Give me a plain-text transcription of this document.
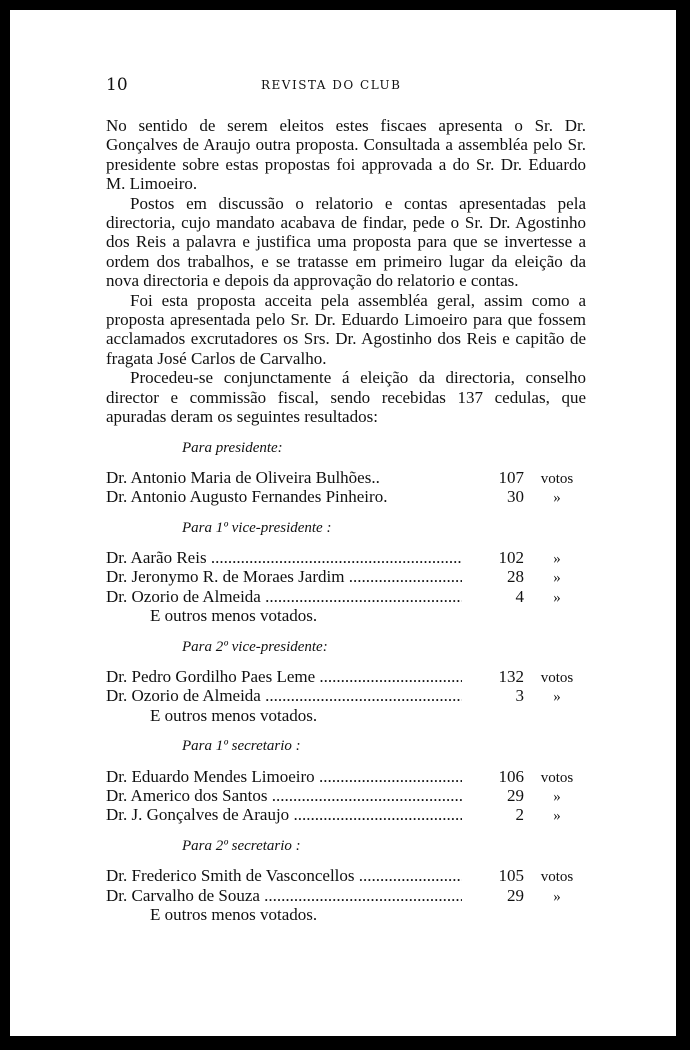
10	REVISTA DO CLUB

No sentido de serem eleitos estes fiscaes apresenta o Sr. Dr. Gonçalves de Araujo outra proposta. Consultada a assembléa pelo Sr. presidente sobre estas propostas foi approvada a do Sr. Dr. Eduardo M. Limoeiro.

Postos em discussão o relatorio e contas apresentadas pela directoria, cujo mandato acabava de findar, pede o Sr. Dr. Agostinho dos Reis a palavra e justifica uma proposta para que se invertesse a ordem dos trabalhos, e se tratasse em primeiro lugar da eleição da nova directoria e depois da approvação do relatorio e contas.

Foi esta proposta acceita pela assembléa geral, assim como a proposta apresentada pelo Sr. Dr. Eduardo Limoeiro para que fossem acclamados excrutadores os Srs. Dr. Agostinho dos Reis e capitão de fragata José Carlos de Carvalho.

Procedeu-se conjunctamente á eleição da directoria, conselho director e commissão fiscal, sendo recebidas 137 cedulas, que apuradas deram os seguintes resultados:

Para presidente:
Dr. Antonio Maria de Oliveira Bulhões..	107	votos
Dr. Antonio Augusto Fernandes Pinheiro.	30	»
Para 1º vice-presidente :
Dr. Aarão Reis .....	102	»
Dr. Jeronymo R. de Moraes Jardim .....	28	»
Dr. Ozorio de Almeida .....	4	»
E outros menos votados.
Para 2º vice-presidente:
Dr. Pedro Gordilho Paes Leme .....	132	votos
Dr. Ozorio de Almeida .....	3	»
E outros menos votados.
Para 1º secretario :
Dr. Eduardo Mendes Limoeiro .....	106	votos
Dr. Americo dos Santos .....	29	»
Dr. J. Gonçalves de Araujo .....	2	»
Para 2º secretario :
Dr. Frederico Smith de Vasconcellos .....	105	votos
Dr. Carvalho de Souza .....	29	»
E outros menos votados.
